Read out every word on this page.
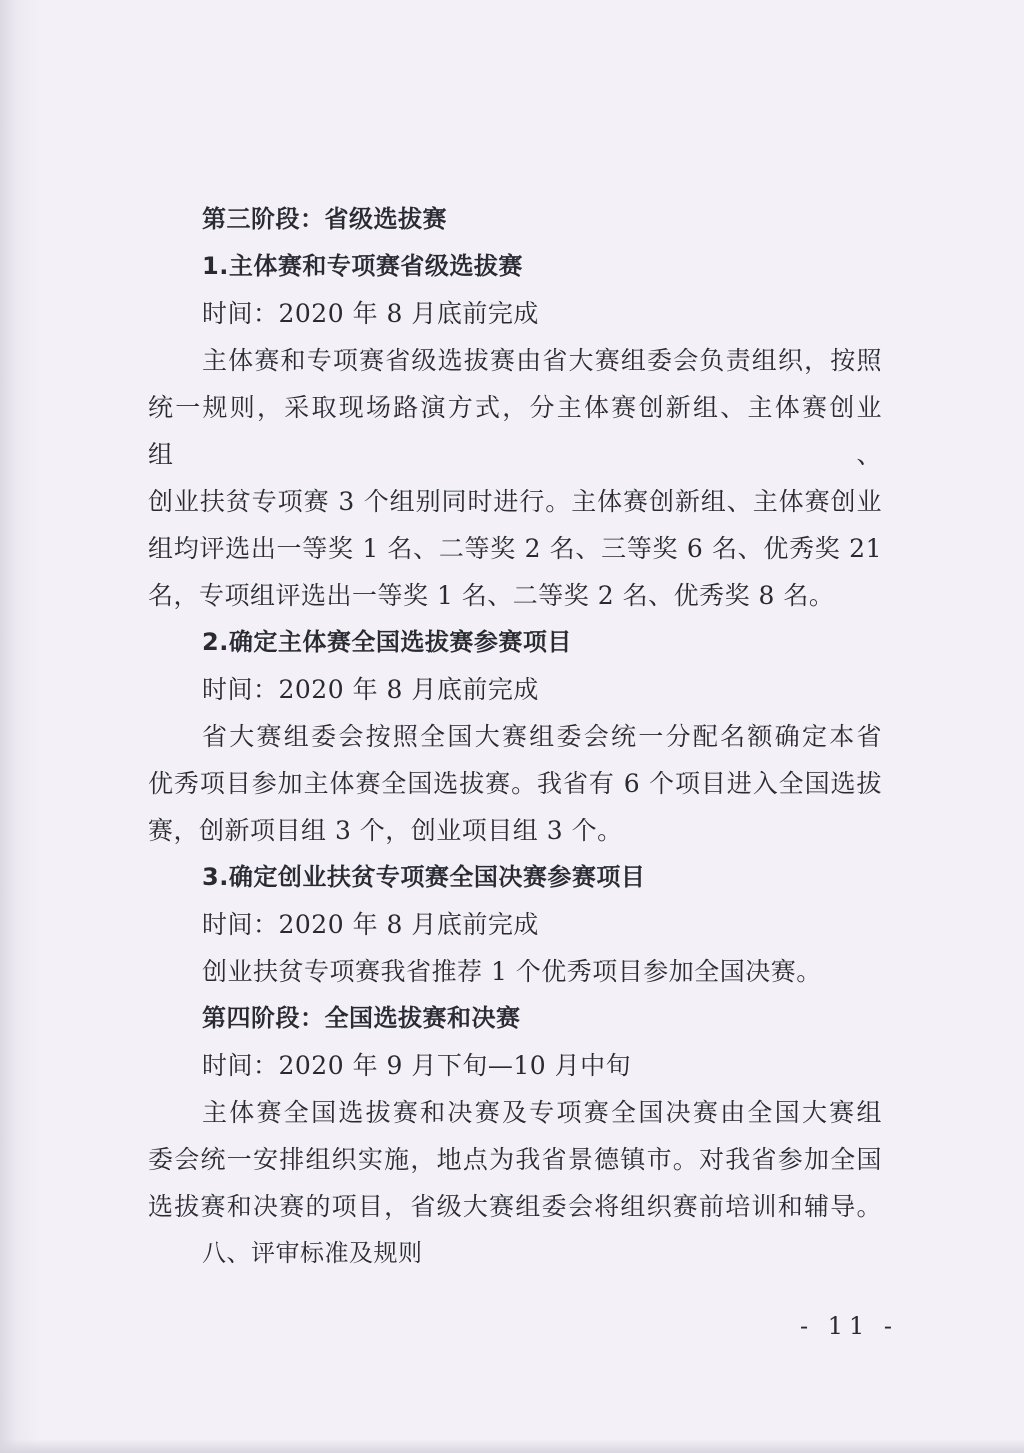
第三阶段：省级选拔赛
1.主体赛和专项赛省级选拔赛
时间：2020 年 8 月底前完成
主体赛和专项赛省级选拔赛由省大赛组委会负责组织，按照
统一规则，采取现场路演方式，分主体赛创新组、主体赛创业组、
创业扶贫专项赛 3 个组别同时进行。主体赛创新组、主体赛创业
组均评选出一等奖 1 名、二等奖 2 名、三等奖 6 名、优秀奖 21
名，专项组评选出一等奖 1 名、二等奖 2 名、优秀奖 8 名。
2.确定主体赛全国选拔赛参赛项目
时间：2020 年 8 月底前完成
省大赛组委会按照全国大赛组委会统一分配名额确定本省
优秀项目参加主体赛全国选拔赛。我省有 6 个项目进入全国选拔
赛，创新项目组 3 个，创业项目组 3 个。
3.确定创业扶贫专项赛全国决赛参赛项目
时间：2020 年 8 月底前完成
创业扶贫专项赛我省推荐 1 个优秀项目参加全国决赛。
第四阶段：全国选拔赛和决赛
时间：2020 年 9 月下旬—10 月中旬
主体赛全国选拔赛和决赛及专项赛全国决赛由全国大赛组
委会统一安排组织实施，地点为我省景德镇市。对我省参加全国
选拔赛和决赛的项目，省级大赛组委会将组织赛前培训和辅导。
八、评审标准及规则
- 11 -
